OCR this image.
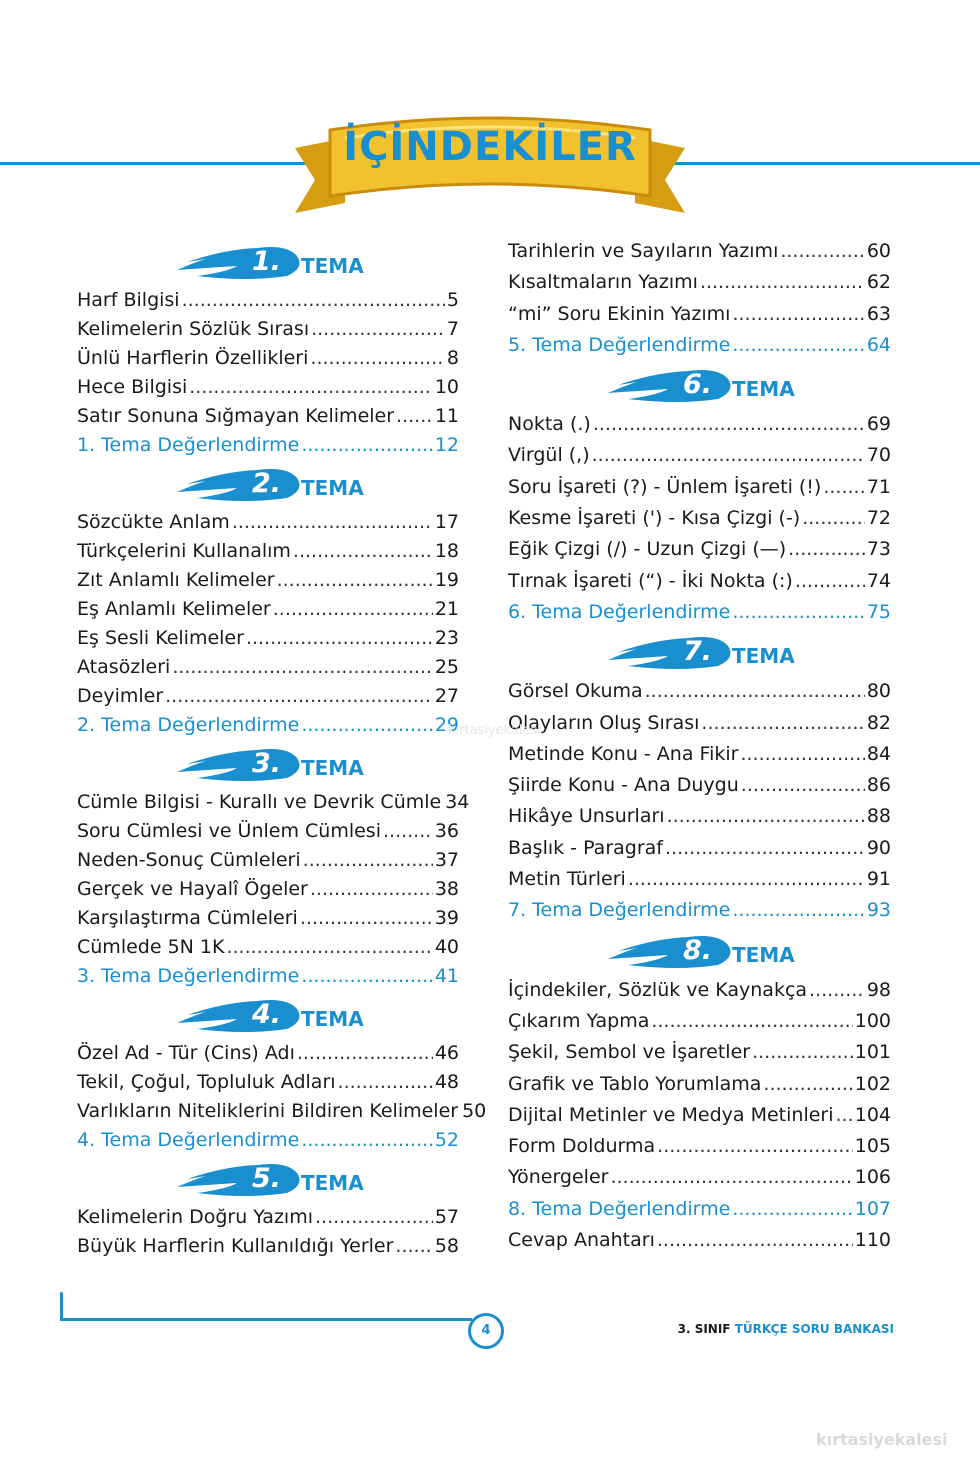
İÇİNDEKİLER
1. TEMA
Harf Bilgisi .....	5
Kelimelerin Sözlük Sırası .....	7
Ünlü Harflerin Özellikleri .....	8
Hece Bilgisi .....	10
Satır Sonuna Sığmayan Kelimeler ..... 11
1. Tema Değerlendirme .....	12
2. TEMA
Sözcükte Anlam .....	17
Türkçelerini Kullanalım .....	18
Zıt Anlamlı Kelimeler .....	19
Eş Anlamlı Kelimeler .....	21
Eş Sesli Kelimeler .....	23
Atasözleri .....	25
Deyimler .....	27
2. Tema Değerlendirme .....	29
3. TEMA
Cümle Bilgisi - Kurallı ve Devrik Cümle 34
Soru Cümlesi ve Ünlem Cümlesi .....	36
Neden-Sonuç Cümleleri .....	37
Gerçek ve Hayalî Ögeler .....	38
Karşılaştırma Cümleleri .....	39
Cümlede 5N 1K .....	40
3. Tema Değerlendirme .....	41
4. TEMA
Özel Ad - Tür (Cins) Adı .....	46
Tekil, Çoğul, Topluluk Adları .....	48
Varlıkların Niteliklerini Bildiren Kelimeler 50
4. Tema Değerlendirme .....	52
5. TEMA
Kelimelerin Doğru Yazımı .....	57
Büyük Harflerin Kullanıldığı Yerler ..... 58
Tarihlerin ve Sayıların Yazımı .....	60
Kısaltmaların Yazımı .....	62
“mi” Soru Ekinin Yazımı .....	63
5. Tema Değerlendirme .....	64
6. TEMA
Nokta (.) .....	69
Virgül (,) .....	70
Soru İşareti (?) - Ünlem İşareti (!) ..... 71
Kesme İşareti (') - Kısa Çizgi (-) .....	72
Eğik Çizgi (/) - Uzun Çizgi (—) .....	73
Tırnak İşareti (“) - İki Nokta (:) .....	74
6. Tema Değerlendirme .....	75
7. TEMA
Görsel Okuma .....	80
Olayların Oluş Sırası .....	82
Metinde Konu - Ana Fikir .....	84
Şiirde Konu - Ana Duygu .....	86
Hikâye Unsurları .....	88
Başlık - Paragraf .....	90
Metin Türleri .....	91
7. Tema Değerlendirme .....	93
8. TEMA
İçindekiler, Sözlük ve Kaynakça .....	98
Çıkarım Yapma .....	100
Şekil, Sembol ve İşaretler .....	101
Grafik ve Tablo Yorumlama .....	102
Dijital Metinler ve Medya Metinleri ..... 104
Form Doldurma .....	105
Yönergeler .....	106
8. Tema Değerlendirme .....	107
Cevap Anahtarı .....	110
kırtasiyekalesi
4	3. SINIF TÜRKÇE SORU BANKASI
kırtasiyekalesi
